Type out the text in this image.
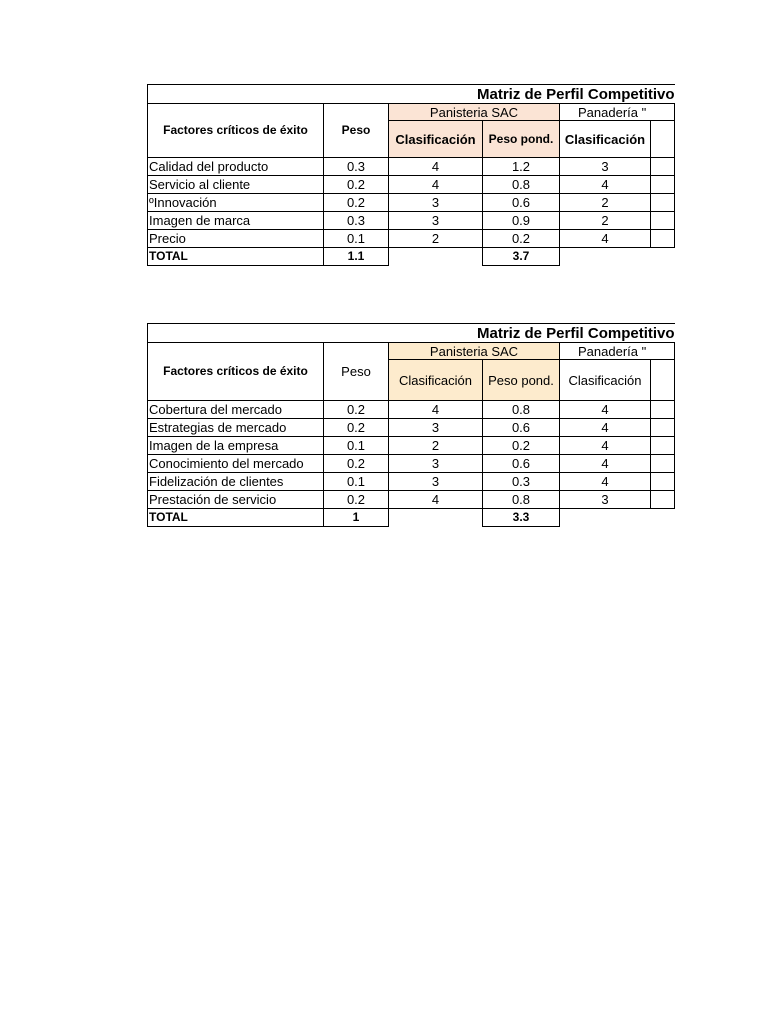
Matriz de Perfil Competitivo					
Factores críticos de éxito	Peso	Panisteria SAC		Panadería "	
		Clasificación	Peso pond.	Clasificación	
Calidad del producto	0.3	4	1.2	3	
Servicio al cliente	0.2	4	0.8	4	
ºInnovación	0.2	3	0.6	2	
Imagen de marca	0.3	3	0.9	2	
Precio	0.1	2	0.2	4	
TOTAL	1.1		3.7		
Matriz de Perfil Competitivo					
Factores críticos de éxito	Peso	Panisteria SAC		Panadería "	
		Clasificación	Peso pond.	Clasificación	
Cobertura del mercado	0.2	4	0.8	4	
Estrategias de mercado	0.2	3	0.6	4	
Imagen de la empresa	0.1	2	0.2	4	
Conocimiento del mercado	0.2	3	0.6	4	
Fidelización de clientes	0.1	3	0.3	4	
Prestación de servicio	0.2	4	0.8	3	
TOTAL	1		3.3		
